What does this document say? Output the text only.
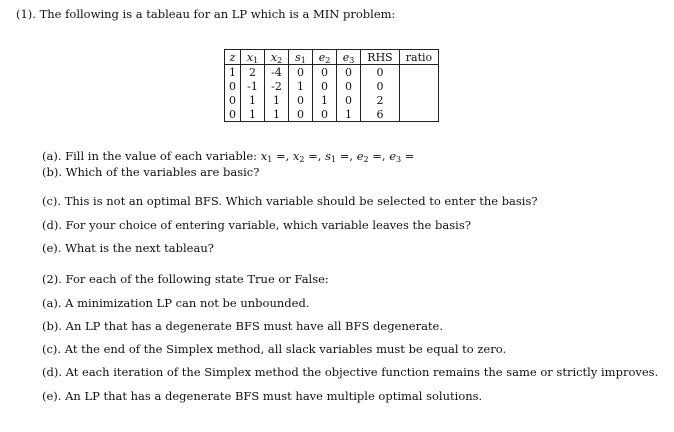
(1). The following is a tableau for an LP which is a MIN problem:
z	$x_1$	$x_2$	$s_1$	$e_2$	$e_3$	RHS	ratio
1	2	-4	0	0	0	0	
0	-1	-2	1	0	0	0	
0	1	1	0	1	0	2	
0	1	1	0	0	1	6	
(a). Fill in the value of each variable: $x_1$ =, $x_2$ =, $s_1$ =, $e_2$ =, $e_3$ =
(b). Which of the variables are basic?
(c). This is not an optimal BFS. Which variable should be selected to enter the basis?
(d). For your choice of entering variable, which variable leaves the basis?
(e). What is the next tableau?
(2). For each of the following state True or False:
(a). A minimization LP can not be unbounded.
(b). An LP that has a degenerate BFS must have all BFS degenerate.
(c). At the end of the Simplex method, all slack variables must be equal to zero.
(d). At each iteration of the Simplex method the objective function remains the same or strictly improves.
(e). An LP that has a degenerate BFS must have multiple optimal solutions.
